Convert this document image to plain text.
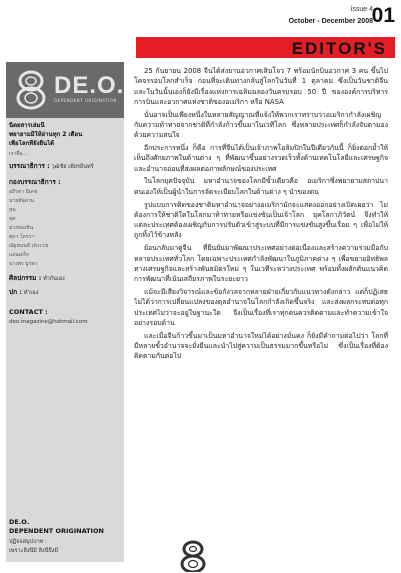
issue 4
01
October - December 2008
EDITOR'S
DE.O.
DEPENDENT ORIGINATION
นิตยสารเล่มนี้
พยายามมีให้อ่านทุก 2 เดือน
เพื่อโลกที่ยั่งยืนได้
เราคือ...
บรรณาธิการ : วุฒิชัย เพียรอินทร์
กองบรรณาธิการ :
อภิรดา มีเดช
นายสันดาน
ทุน
ทุต
ม่วงทองหิน
ศุภา โทรรา
ณัฐชนนท์ ประเวช
แอนเดร็ก
นางพร บูรพา
ศิลปกรรม : ทำกันเอง
ปก : ทำเอง
CONTACT :
deo.magazine@hotmail.com
DE.O.
DEPENDENT ORIGINATION
ปฏิจจสมุปบาท :
เพราะสิ่งนี้มี สิ่งนี้จึงมี

25 กันยายน 2008 จีนได้ส่งยานอวกาศเสินโจว 7 พร้อมนักบินอวกาศ 3 คน ขึ้นไปโคจรรอบโลกสำเร็จ ก่อนที่จะเดินทางกลับสู่โลกในวันที่ 1 ตุลาคม ซึ่งเป็นวันชาติจีน และในวันนั้นเองก็ยังมีเรื่องแห่งการเฉลิมฉลองวันครบรอบ 50 ปี ขององค์การบริหารการบินและอวกาศแห่งชาติของอเมริกา หรือ NASA

นั่นอาจเป็นเพียงหนึ่งในหลายสัญญาณที่แจ้งให้พวกเราทราบว่าอเมริกากำลังเผชิญกับความท้าทายจากชาติที่กำลังก้าวขึ้นมาในเวทีโลก ซึ่งหลายประเทศก็กำลังจับตามองด้วยความสนใจ

อีกประการหนึ่ง ก็คือ การที่จีนได้เป็นเจ้าภาพโอลิมปิกในปีเดียวกันนี้ ก็ยิ่งตอกย้ำให้เห็นถึงศักยภาพในด้านต่าง ๆ ที่พัฒนาขึ้นอย่างรวดเร็วทั้งด้านเทคโนโลยีและเศรษฐกิจ และอำนาจอ่อนที่ส่งผลต่อภาพลักษณ์ของประเทศ

ในโลกยุคปัจจุบัน มหาอำนาจของโลกมีขั้วเดียวคือ อเมริกาซึ่งพยายามสถาปนาตนเองให้เป็นผู้นำในการจัดระเบียบโลกในด้านต่าง ๆ นำของตน

รูปแบบการคิดของชาติมหาอำนาจอย่างอเมริกามักจะแสดงออกอย่างเปิดเผยว่า ไม่ต้องการให้ชาติใดในโลกมาท้าทายหรือแข่งขันเป็นเจ้าโลก ยุคโลกาภิวัตน์ จึงทำให้แต่ละประเทศต้องเผชิญกับการปรับตัวเข้าสู่ระบบที่มีการแข่งขันสูงขึ้นเรื่อย ๆ เพื่อไม่ให้ถูกทิ้งไว้ข้างหลัง

ย้อนกลับมาดูจีน ที่ยืนยันมาพัฒนาประเทศอย่างต่อเนื่องและสร้างความร่วมมือกับหลายประเทศทั่วโลก โดยเฉพาะประเทศกำลังพัฒนาในภูมิภาคต่าง ๆ เพื่อขยายอิทธิพลทางเศรษฐกิจและสร้างพันธมิตรใหม่ ๆ ในเวทีระหว่างประเทศ พร้อมทั้งผลักดันแนวคิดการพัฒนาที่เน้นเสถียรภาพในระยะยาว

แม้จะมีเสียงวิจารณ์และข้อกังวลจากหลายฝ่ายเกี่ยวกับแนวทางดังกล่าว แต่ก็ปฏิเสธไม่ได้ว่าการเปลี่ยนแปลงของดุลอำนาจในโลกกำลังเกิดขึ้นจริง และส่งผลกระทบต่อทุกประเทศไม่ว่าจะอยู่ในฐานะใด จึงเป็นเรื่องที่เราทุกคนควรติดตามและทำความเข้าใจอย่างรอบด้าน

และเมื่อจีนก้าวขึ้นมาเป็นมหาอำนาจใหม่ได้อย่างมั่นคง ก็ยังมีคำถามต่อไปว่า โลกที่มีหลายขั้วอำนาจจะยั่งยืนและนำไปสู่ความเป็นธรรมมากขึ้นหรือไม่ ซึ่งเป็นเรื่องที่ต้องติดตามกันต่อไป
